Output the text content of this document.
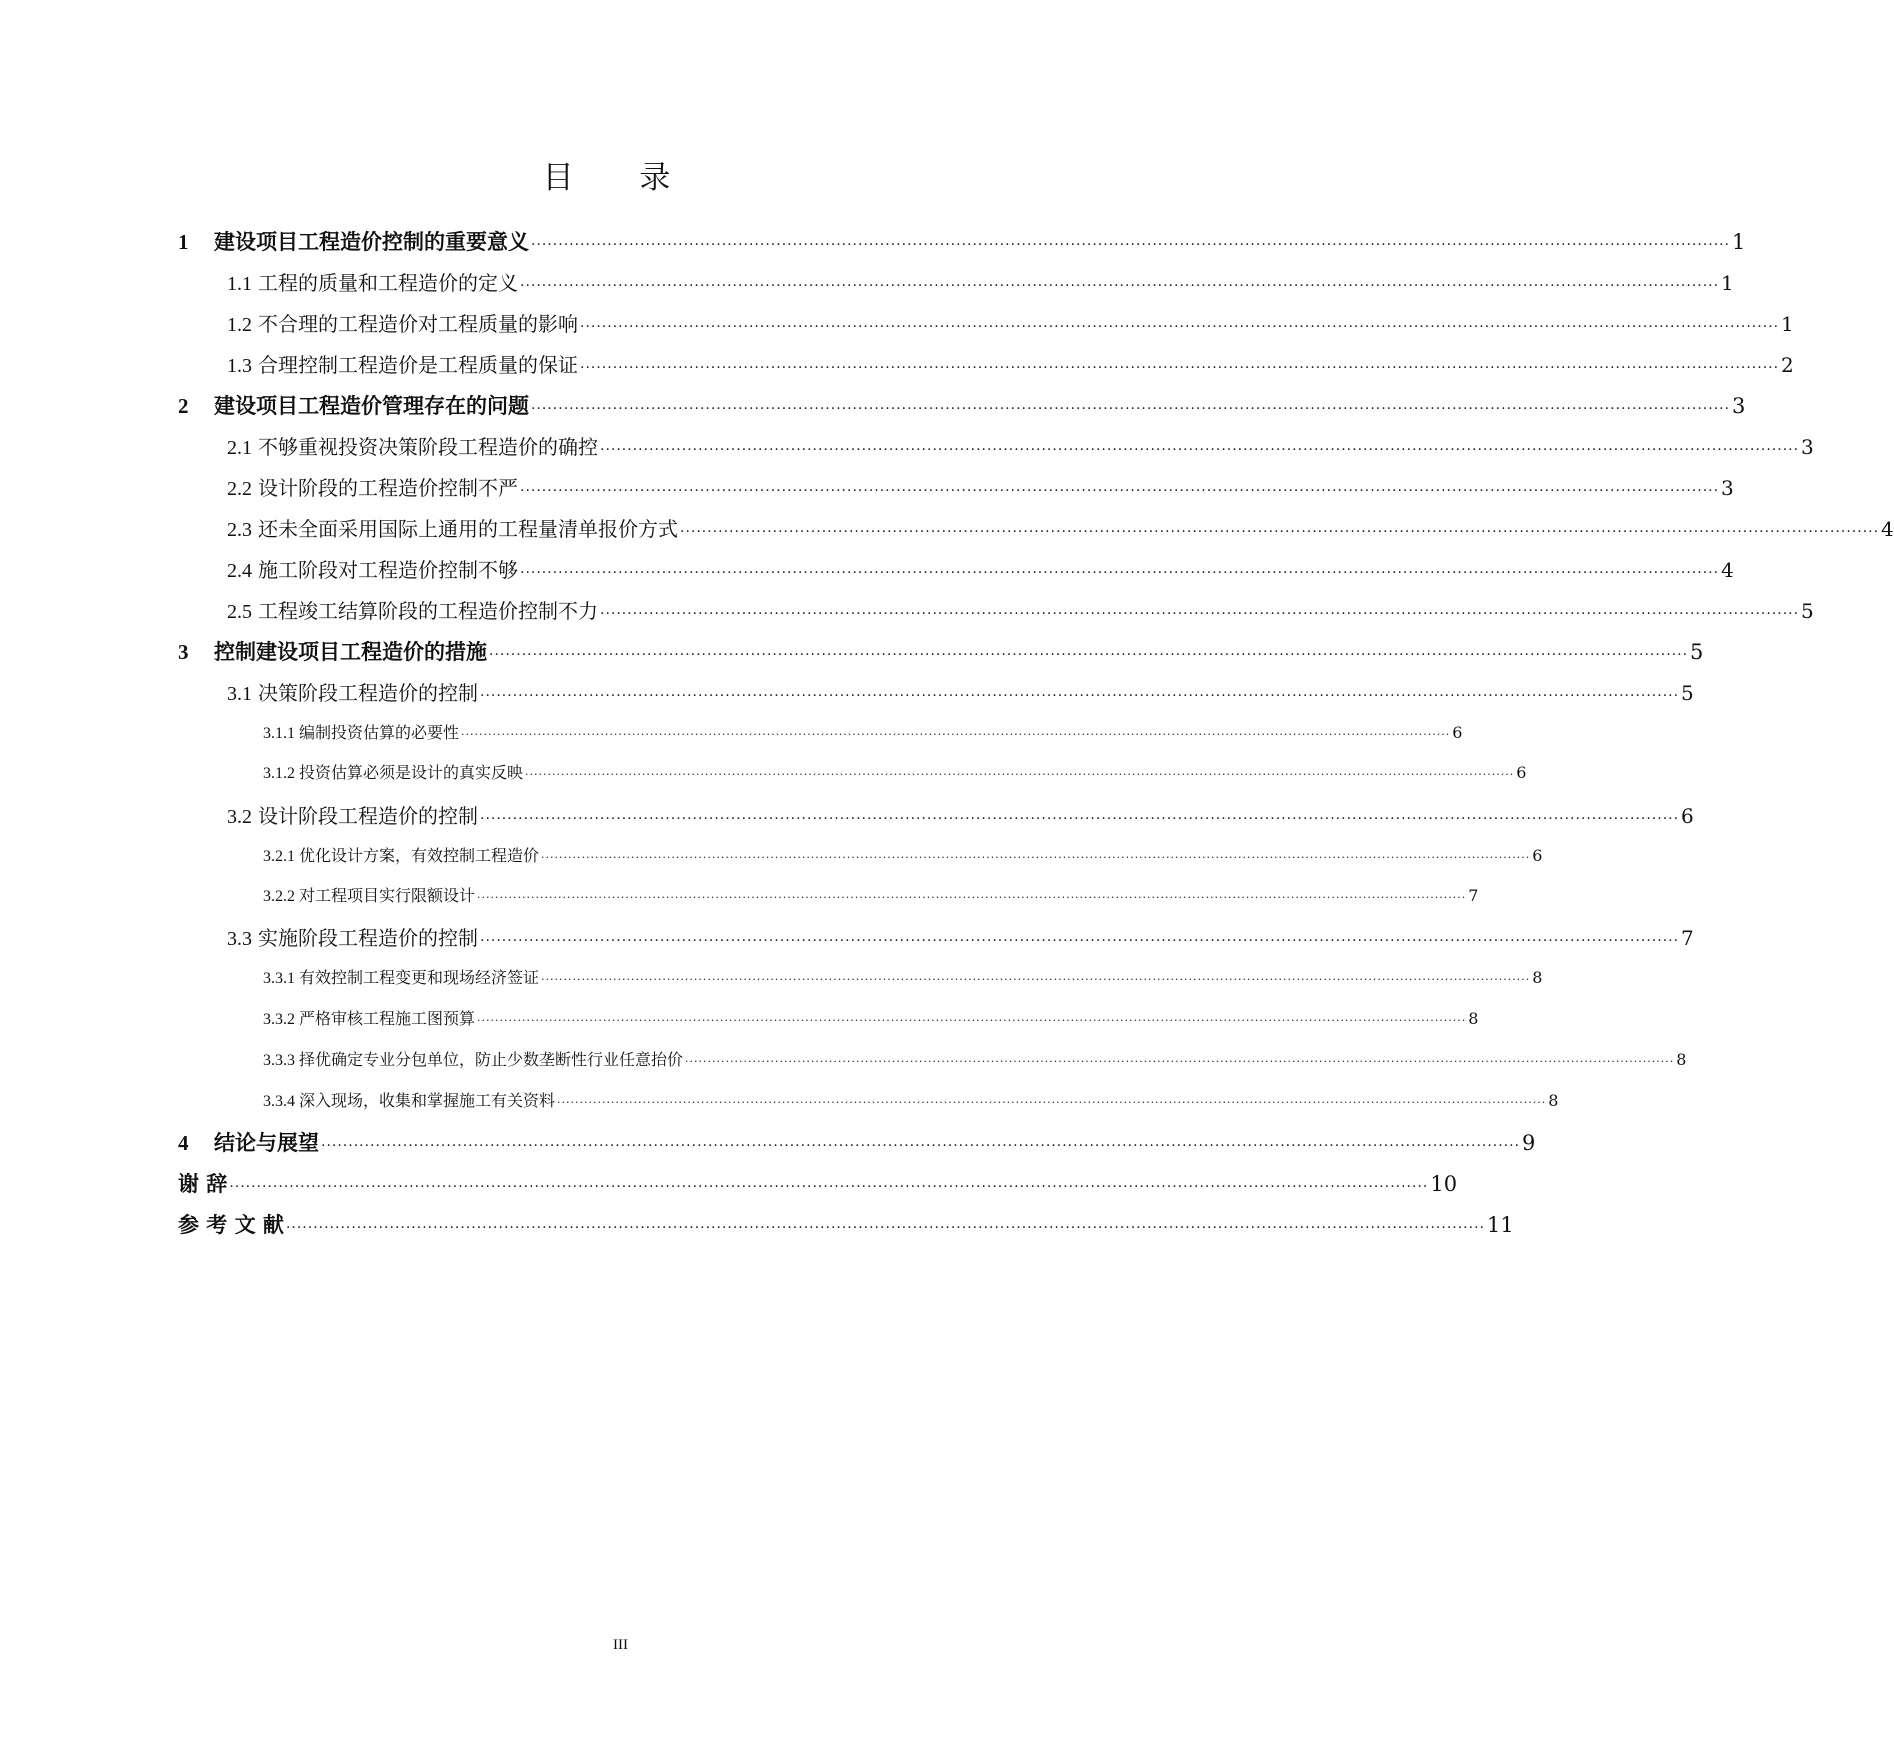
目 录
1 建设项目工程造价控制的重要意义 ···························································································································································································································· 1
1.1 工程的质量和工程造价的定义 ···························································································································································································································· 1
1.2 不合理的工程造价对工程质量的影响 ···························································································································································································································· 1
1.3 合理控制工程造价是工程质量的保证 ···························································································································································································································· 2
2 建设项目工程造价管理存在的问题 ···························································································································································································································· 3
2.1 不够重视投资决策阶段工程造价的确控 ···························································································································································································································· 3
2.2 设计阶段的工程造价控制不严 ···························································································································································································································· 3
2.3 还未全面采用国际上通用的工程量清单报价方式 ···························································································································································································································· 4
2.4 施工阶段对工程造价控制不够 ···························································································································································································································· 4
2.5 工程竣工结算阶段的工程造价控制不力 ···························································································································································································································· 5
3 控制建设项目工程造价的措施 ···························································································································································································································· 5
3.1 决策阶段工程造价的控制 ···························································································································································································································· 5
3.1.1 编制投资估算的必要性 ···························································································································································································································· 6
3.1.2 投资估算必须是设计的真实反映 ···························································································································································································································· 6
3.2 设计阶段工程造价的控制 ···························································································································································································································· 6
3.2.1 优化设计方案，有效控制工程造价 ···························································································································································································································· 6
3.2.2 对工程项目实行限额设计 ···························································································································································································································· 7
3.3 实施阶段工程造价的控制 ···························································································································································································································· 7
3.3.1 有效控制工程变更和现场经济签证 ···························································································································································································································· 8
3.3.2 严格审核工程施工图预算 ···························································································································································································································· 8
3.3.3 择优确定专业分包单位，防止少数垄断性行业任意抬价 ···························································································································································································································· 8
3.3.4 深入现场，收集和掌握施工有关资料 ···························································································································································································································· 8
4 结论与展望 ···························································································································································································································· 9
谢 辞 ···························································································································································································································· 10
参 考 文 献 ···························································································································································································································· 11
III
